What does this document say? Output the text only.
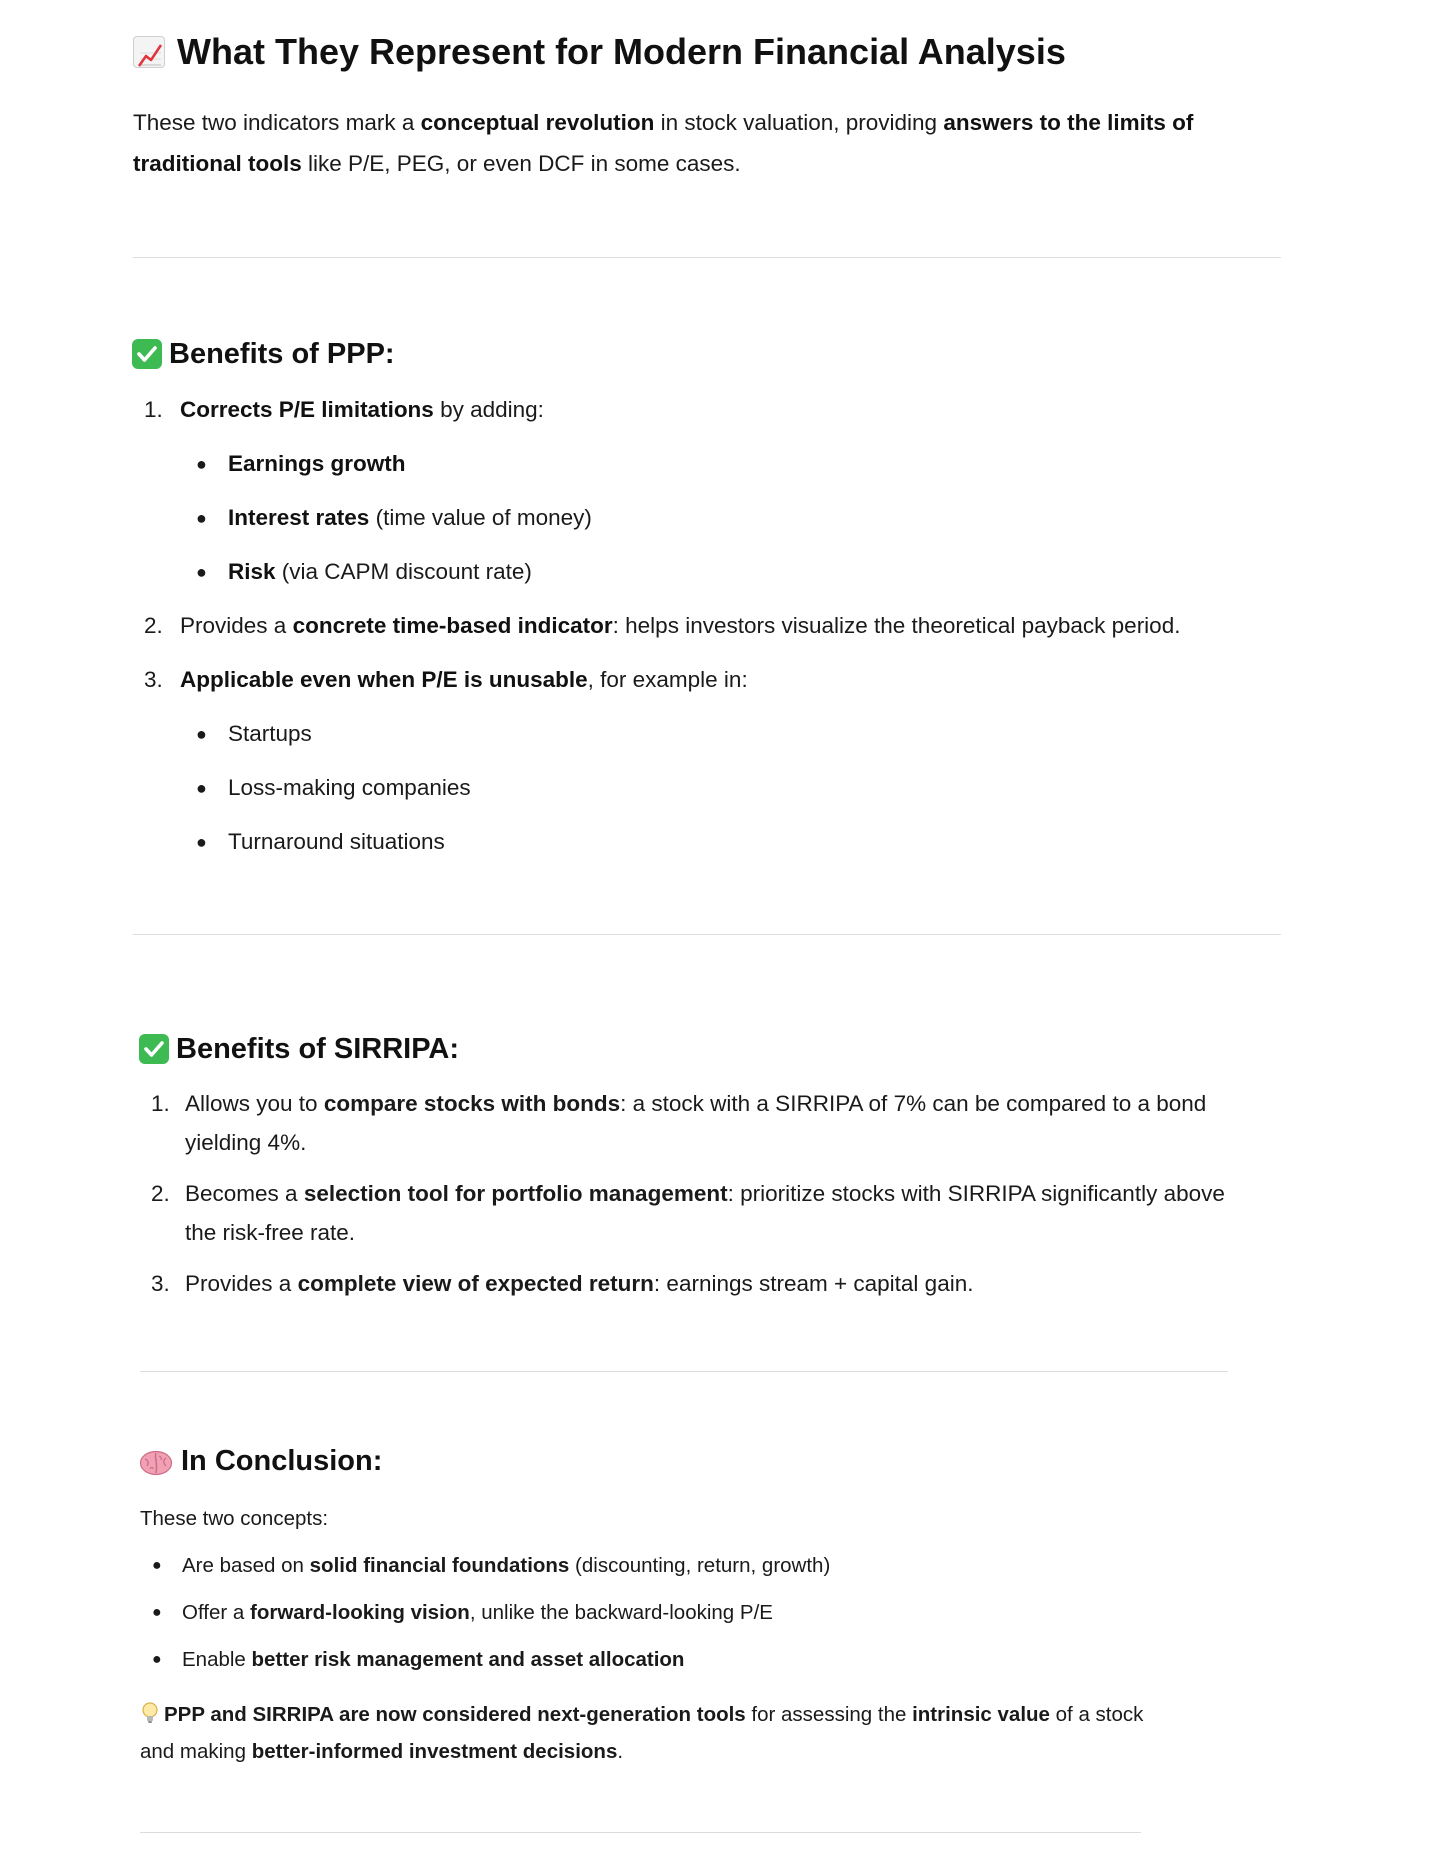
What They Represent for Modern Financial Analysis

These two indicators mark a conceptual revolution in stock valuation, providing answers to the limits of traditional tools like P/E, PEG, or even DCF in some cases.

Benefits of PPP:
1. Corrects P/E limitations by adding:
● Earnings growth
● Interest rates (time value of money)
● Risk (via CAPM discount rate)
2. Provides a concrete time-based indicator: helps investors visualize the theoretical payback period.
3. Applicable even when P/E is unusable, for example in:
● Startups
● Loss-making companies
● Turnaround situations
Benefits of SIRRIPA:
1. Allows you to compare stocks with bonds: a stock with a SIRRIPA of 7% can be compared to a bond yielding 4%.
2. Becomes a selection tool for portfolio management: prioritize stocks with SIRRIPA significantly above the risk-free rate.
3. Provides a complete view of expected return: earnings stream + capital gain.
In Conclusion:
These two concepts:
● Are based on solid financial foundations (discounting, return, growth)
● Offer a forward-looking vision, unlike the backward-looking P/E
● Enable better risk management and asset allocation

PPP and SIRRIPA are now considered next-generation tools for assessing the intrinsic value of a stock and making better-informed investment decisions.
